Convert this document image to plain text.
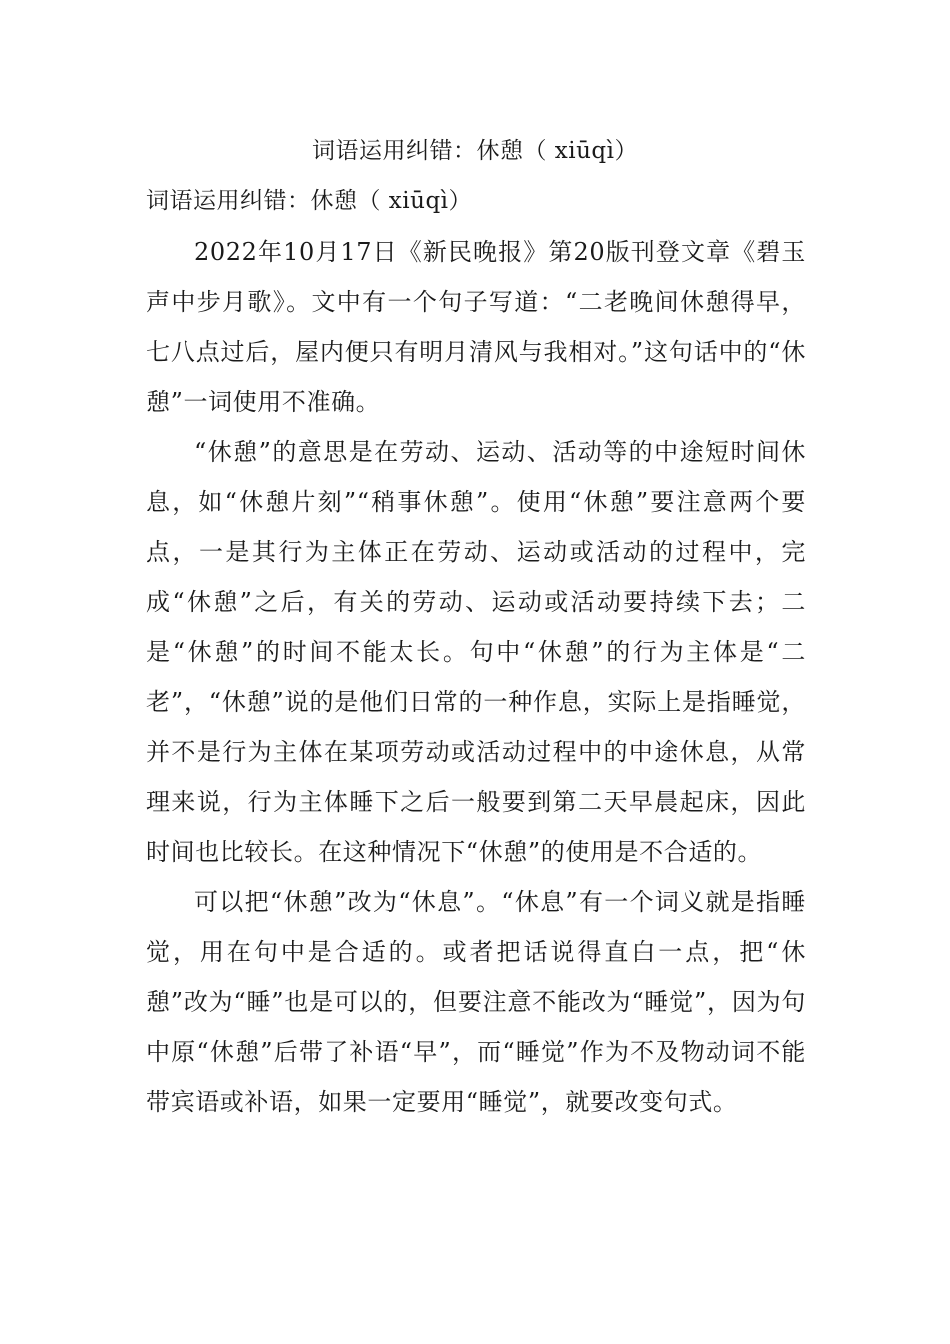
词语运用纠错：休憩（ xiūqì）
词语运用纠错：休憩（ xiūqì）

2022年10月17日《新民晚报》第20版刊登文章《碧玉声中步月歌》。文中有一个句子写道：“二老晚间休憩得早，七八点过后，屋内便只有明月清风与我相对。”这句话中的“休憩”一词使用不准确。

“休憩”的意思是在劳动、运动、活动等的中途短时间休息，如“休憩片刻”“稍事休憩”。使用“休憩”要注意两个要点，一是其行为主体正在劳动、运动或活动的过程中，完成“休憩”之后，有关的劳动、运动或活动要持续下去；二是“休憩”的时间不能太长。句中“休憩”的行为主体是“二老”，“休憩”说的是他们日常的一种作息，实际上是指睡觉，并不是行为主体在某项劳动或活动过程中的中途休息，从常理来说，行为主体睡下之后一般要到第二天早晨起床，因此时间也比较长。在这种情况下“休憩”的使用是不合适的。

可以把“休憩”改为“休息”。“休息”有一个词义就是指睡觉，用在句中是合适的。或者把话说得直白一点，把“休憩”改为“睡”也是可以的，但要注意不能改为“睡觉”，因为句中原“休憩”后带了补语“早”，而“睡觉”作为不及物动词不能带宾语或补语，如果一定要用“睡觉”，就要改变句式。
